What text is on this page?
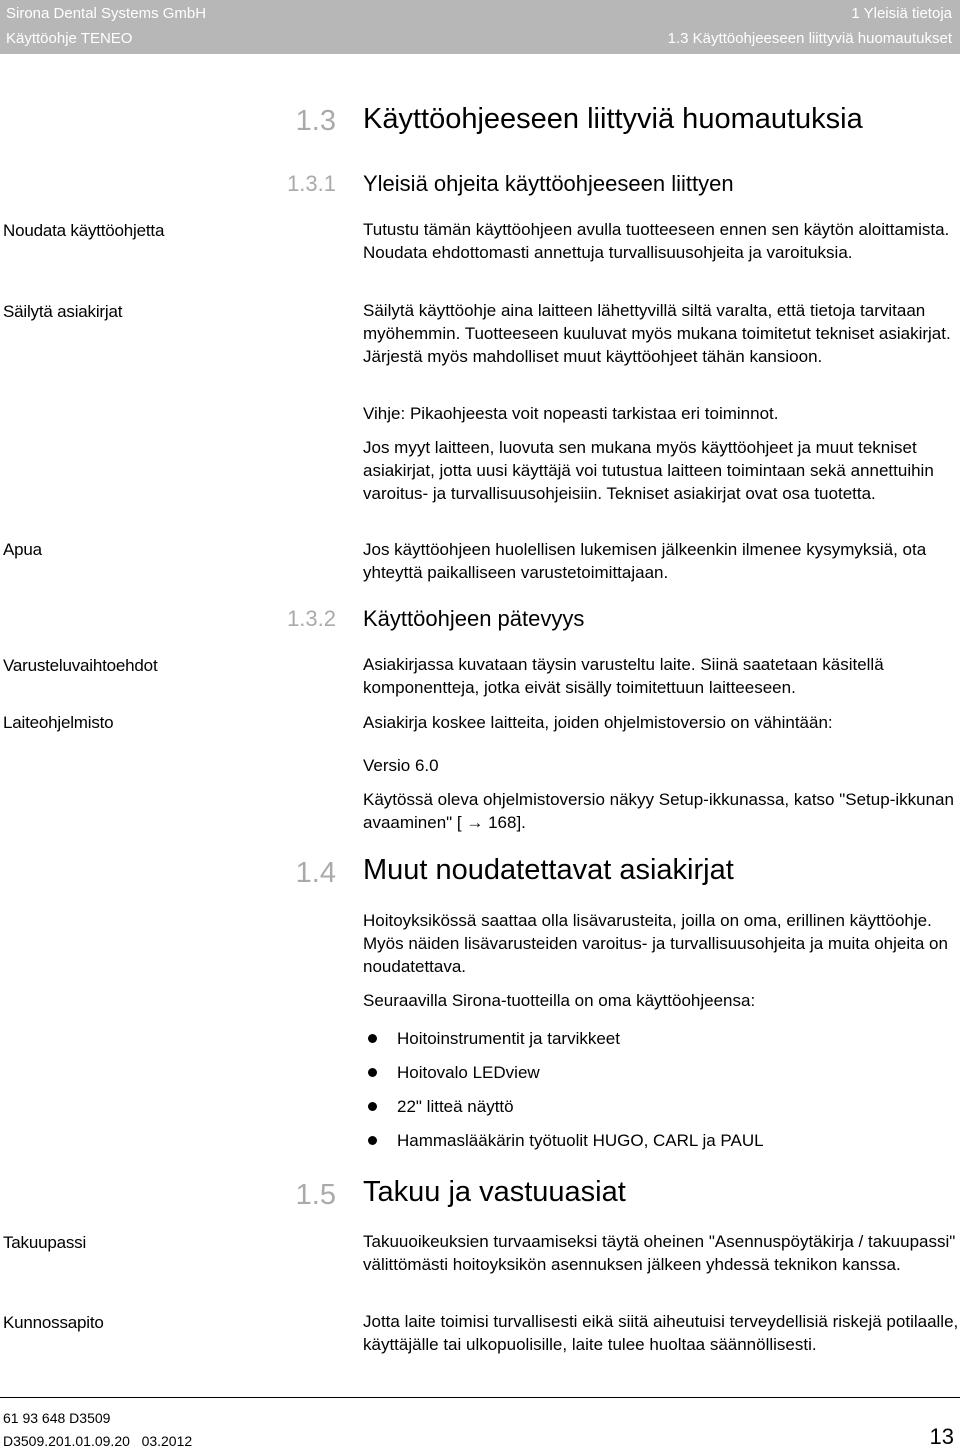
Sirona Dental Systems GmbH
Käyttöohje TENEO
1 Yleisiä tietoja
1.3 Käyttöohjeeseen liittyviä huomautukset
1.3 Käyttöohjeeseen liittyviä huomautuksia
1.3.1 Yleisiä ohjeita käyttöohjeeseen liittyen
Noudata käyttöohjetta	Tutustu tämän käyttöohjeen avulla tuotteeseen ennen sen käytön aloittamista. Noudata ehdottomasti annettuja turvallisuusohjeita ja varoituksia.
Säilytä asiakirjat	Säilytä käyttöohje aina laitteen lähettyvillä siltä varalta, että tietoja tarvitaan myöhemmin. Tuotteeseen kuuluvat myös mukana toimitetut tekniset asiakirjat. Järjestä myös mahdolliset muut käyttöohjeet tähän kansioon.
Vihje: Pikaohjeesta voit nopeasti tarkistaa eri toiminnot.
Jos myyt laitteen, luovuta sen mukana myös käyttöohjeet ja muut tekniset asiakirjat, jotta uusi käyttäjä voi tutustua laitteen toimintaan sekä annettuihin varoitus- ja turvallisuusohjeisiin. Tekniset asiakirjat ovat osa tuotetta.
Apua	Jos käyttöohjeen huolellisen lukemisen jälkeenkin ilmenee kysymyksiä, ota yhteyttä paikalliseen varustetoimittajaan.
1.3.2 Käyttöohjeen pätevyys
Varusteluvaihtoehdot	Asiakirjassa kuvataan täysin varusteltu laite. Siinä saatetaan käsitellä komponentteja, jotka eivät sisälly toimitettuun laitteeseen.
Laiteohjelmisto	Asiakirja koskee laitteita, joiden ohjelmistoversio on vähintään:
Versio 6.0
Käytössä oleva ohjelmistoversio näkyy Setup-ikkunassa, katso "Setup-ikkunan avaaminen" [ → 168].
1.4 Muut noudatettavat asiakirjat
Hoitoyksikössä saattaa olla lisävarusteita, joilla on oma, erillinen käyttöohje. Myös näiden lisävarusteiden varoitus- ja turvallisuusohjeita ja muita ohjeita on noudatettava.
Seuraavilla Sirona-tuotteilla on oma käyttöohjeensa:
Hoitoinstrumentit ja tarvikkeet
Hoitovalo LEDview
22" litteä näyttö
Hammaslääkärin työtuolit HUGO, CARL ja PAUL
1.5 Takuu ja vastuuasiat
Takuupassi	Takuuoikeuksien turvaamiseksi täytä oheinen "Asennuspöytäkirja / takuupassi" välittömästi hoitoyksikön asennuksen jälkeen yhdessä teknikon kanssa.
Kunnossapito	Jotta laite toimisi turvallisesti eikä siitä aiheutuisi terveydellisiä riskejä potilaalle, käyttäjälle tai ulkopuolisille, laite tulee huoltaa säännöllisesti.
61 93 648 D3509
D3509.201.01.09.20 03.2012	13
